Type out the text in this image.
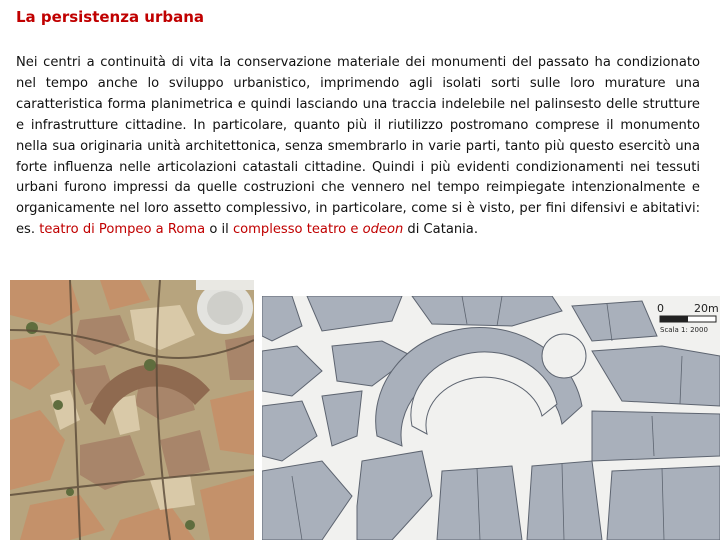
La persistenza urbana

Nei centri a continuità di vita la conservazione materiale dei monumenti del passato ha condizionato nel tempo anche lo sviluppo urbanistico, imprimendo agli isolati sorti sulle loro murature una caratteristica forma planimetrica e quindi lasciando una traccia indelebile nel palinsesto delle strutture e infrastrutture cittadine. In particolare, quanto più il riutilizzo postromano comprese il monumento nella sua originaria unità architettonica, senza smembrarlo in varie parti, tanto più questo esercitò una forte influenza nelle articolazioni catastali cittadine. Quindi i più evidenti condizionamenti nei tessuti urbani furono impressi da quelle costruzioni che vennero nel tempo reimpiegate intenzionalmente e organicamente nel loro assetto complessivo, in particolare, come si è visto, per fini difensivi e abitativi: es. teatro di Pompeo a Roma o il complesso teatro e odeon di Catania.

0	20m
Scala 1: 2000
